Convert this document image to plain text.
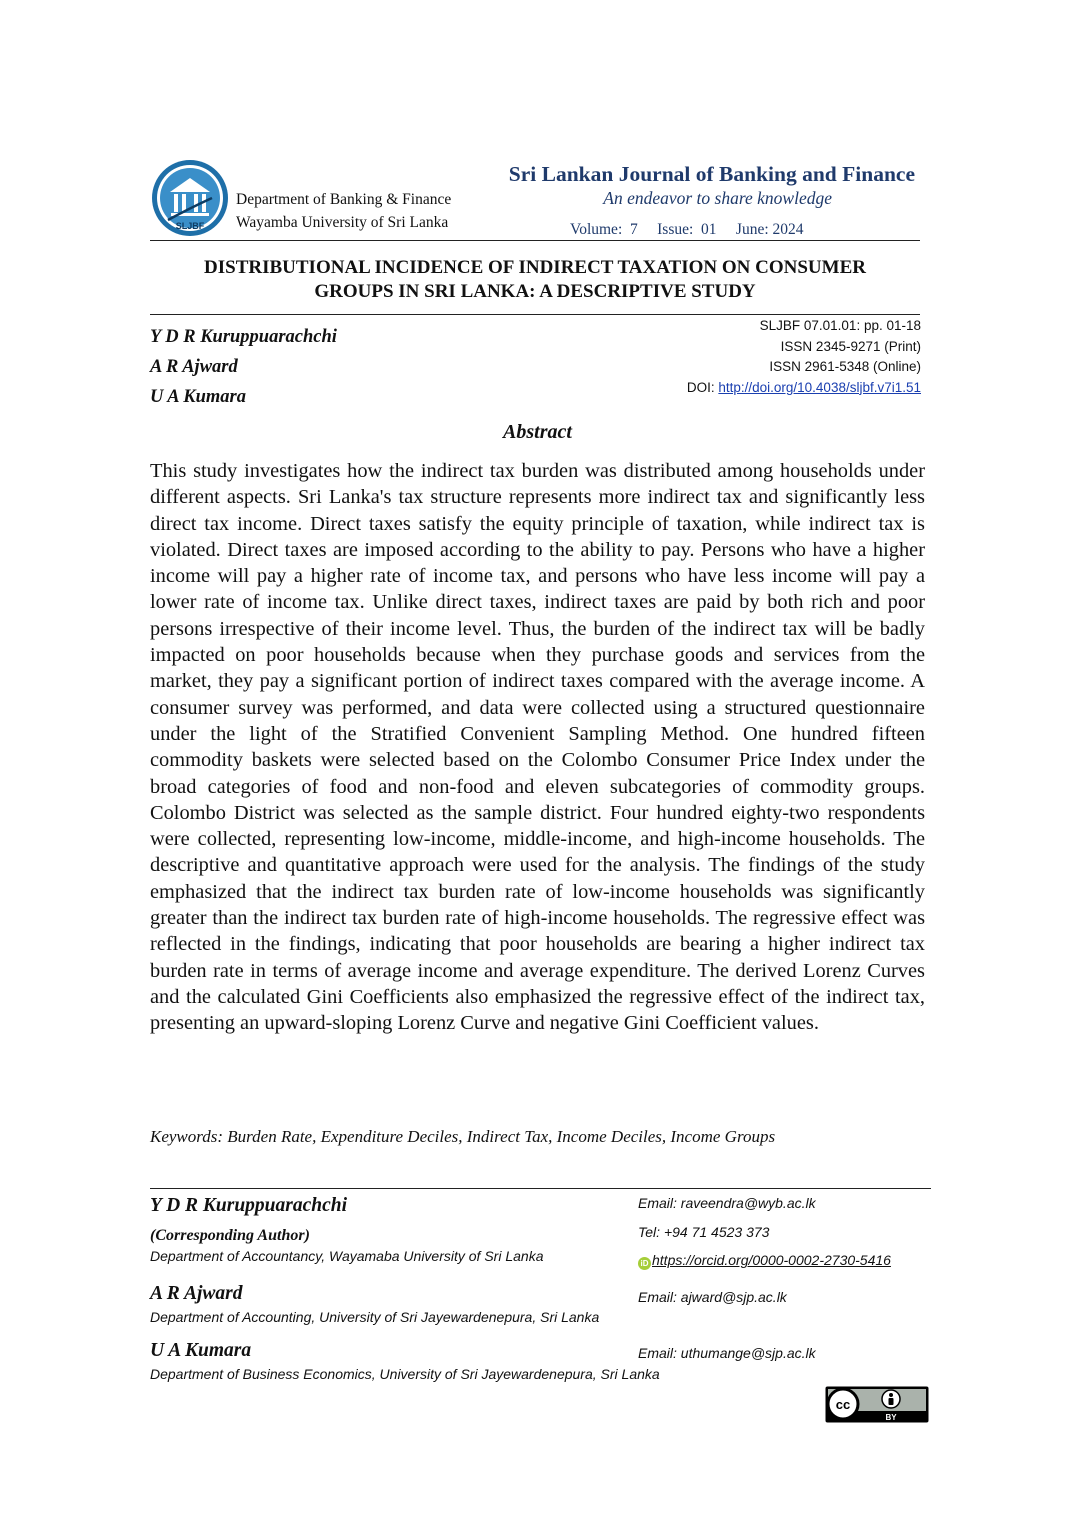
SLJBF
Department of Banking & Finance
Wayamba University of Sri Lanka
Sri Lankan Journal of Banking and Finance
An endeavor to share knowledge
Volume:  7     Issue:  01     June: 2024
DISTRIBUTIONAL INCIDENCE OF INDIRECT TAXATION ON CONSUMER
GROUPS IN SRI LANKA: A DESCRIPTIVE STUDY
Y D R Kuruppuarachchi
A R Ajward
U A Kumara
SLJBF 07.01.01: pp. 01-18
ISSN 2345-9271 (Print)
ISSN 2961-5348 (Online)
DOI: http://doi.org/10.4038/sljbf.v7i1.51
Abstract
This study investigates how the indirect tax burden was distributed among households under different aspects. Sri Lanka's tax structure represents more indirect tax and significantly less direct tax income. Direct taxes satisfy the equity principle of taxation, while indirect tax is violated. Direct taxes are imposed according to the ability to pay. Persons who have a higher income will pay a higher rate of income tax, and persons who have less income will pay a lower rate of income tax. Unlike direct taxes, indirect taxes are paid by both rich and poor persons irrespective of their income level. Thus, the burden of the indirect tax will be badly impacted on poor households because when they purchase goods and services from the market, they pay a significant portion of indirect taxes compared with the average income. A consumer survey was performed, and data were collected using a structured questionnaire under the light of the Stratified Convenient Sampling Method. One hundred fifteen commodity baskets were selected based on the Colombo Consumer Price Index under the broad categories of food and non-food and eleven subcategories of commodity groups. Colombo District was selected as the sample district. Four hundred eighty-two respondents were collected, representing low-income, middle-income, and high-income households. The descriptive and quantitative approach were used for the analysis. The findings of the study emphasized that the indirect tax burden rate of low-income households was significantly greater than the indirect tax burden rate of high-income households. The regressive effect was reflected in the findings, indicating that poor households are bearing a higher indirect tax burden rate in terms of average income and average expenditure. The derived Lorenz Curves and the calculated Gini Coefficients also emphasized the regressive effect of the indirect tax, presenting an upward-sloping Lorenz Curve and negative Gini Coefficient values.
Keywords: Burden Rate, Expenditure Deciles, Indirect Tax, Income Deciles, Income Groups
Y D R Kuruppuarachchi
(Corresponding Author)
Department of Accountancy, Wayamaba University of Sri Lanka
Email: raveendra@wyb.ac.lk
Tel: +94 71 4523 373
iD https://orcid.org/0000-0002-2730-5416
A R Ajward
Department of Accounting, University of Sri Jayewardenepura, Sri Lanka
Email: ajward@sjp.ac.lk
U A Kumara
Department of Business Economics, University of Sri Jayewardenepura, Sri Lanka
Email: uthumange@sjp.ac.lk
cc
BY
